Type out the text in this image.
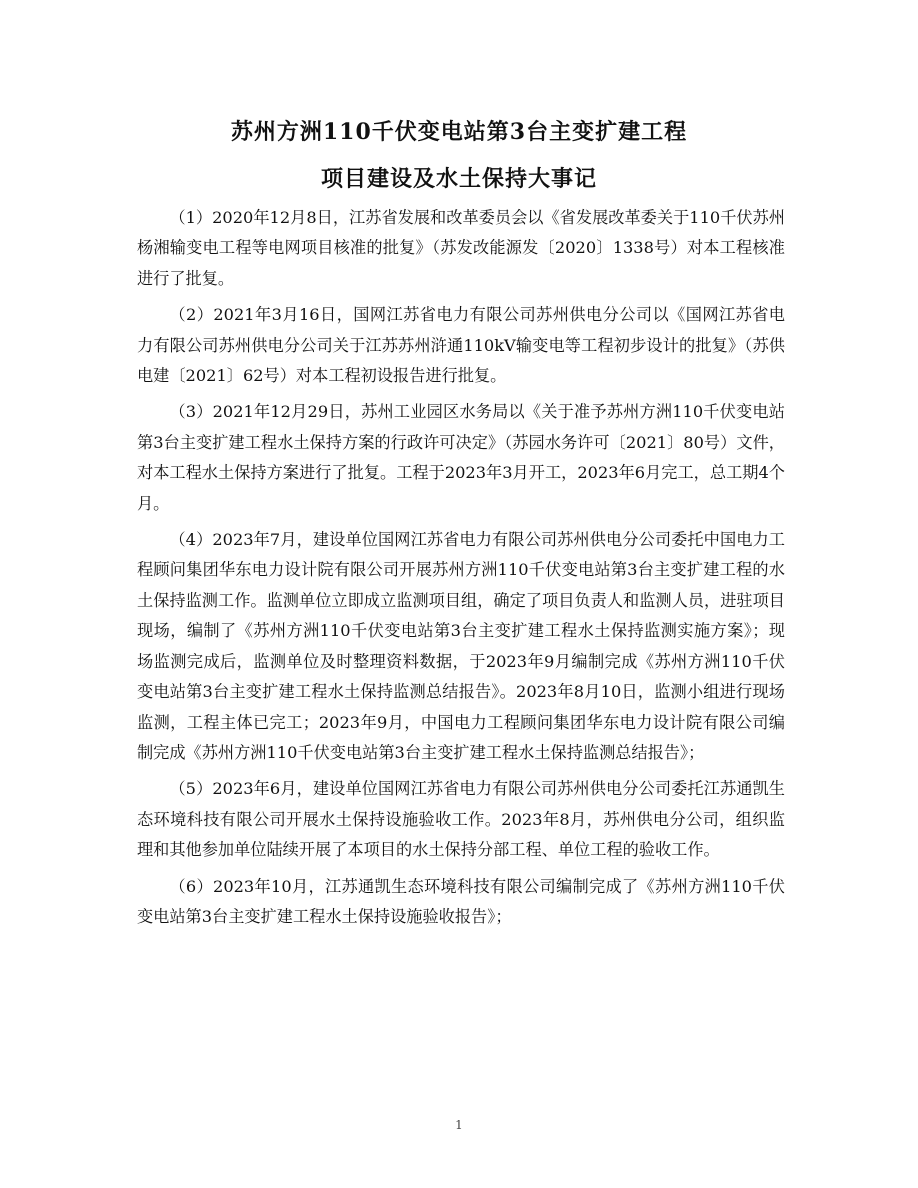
苏州方洲110千伏变电站第3台主变扩建工程
项目建设及水土保持大事记

（1）2020年12月8日，江苏省发展和改革委员会以《省发展改革委关于110千伏苏州杨湘输变电工程等电网项目核准的批复》（苏发改能源发〔2020〕1338号）对本工程核准进行了批复。

（2）2021年3月16日，国网江苏省电力有限公司苏州供电分公司以《国网江苏省电力有限公司苏州供电分公司关于江苏苏州浒通110kV输变电等工程初步设计的批复》（苏供电建〔2021〕62号）对本工程初设报告进行批复。

（3）2021年12月29日，苏州工业园区水务局以《关于准予苏州方洲110千伏变电站第3台主变扩建工程水土保持方案的行政许可决定》（苏园水务许可〔2021〕80号）文件，对本工程水土保持方案进行了批复。工程于2023年3月开工，2023年6月完工，总工期4个月。

（4）2023年7月，建设单位国网江苏省电力有限公司苏州供电分公司委托中国电力工程顾问集团华东电力设计院有限公司开展苏州方洲110千伏变电站第3台主变扩建工程的水土保持监测工作。监测单位立即成立监测项目组，确定了项目负责人和监测人员，进驻项目现场，编制了《苏州方洲110千伏变电站第3台主变扩建工程水土保持监测实施方案》；现场监测完成后，监测单位及时整理资料数据，于2023年9月编制完成《苏州方洲110千伏变电站第3台主变扩建工程水土保持监测总结报告》。2023年8月10日，监测小组进行现场监测，工程主体已完工；2023年9月，中国电力工程顾问集团华东电力设计院有限公司编制完成《苏州方洲110千伏变电站第3台主变扩建工程水土保持监测总结报告》；

（5）2023年6月，建设单位国网江苏省电力有限公司苏州供电分公司委托江苏通凯生态环境科技有限公司开展水土保持设施验收工作。2023年8月，苏州供电分公司，组织监理和其他参加单位陆续开展了本项目的水土保持分部工程、单位工程的验收工作。

（6）2023年10月，江苏通凯生态环境科技有限公司编制完成了《苏州方洲110千伏变电站第3台主变扩建工程水土保持设施验收报告》；

1
